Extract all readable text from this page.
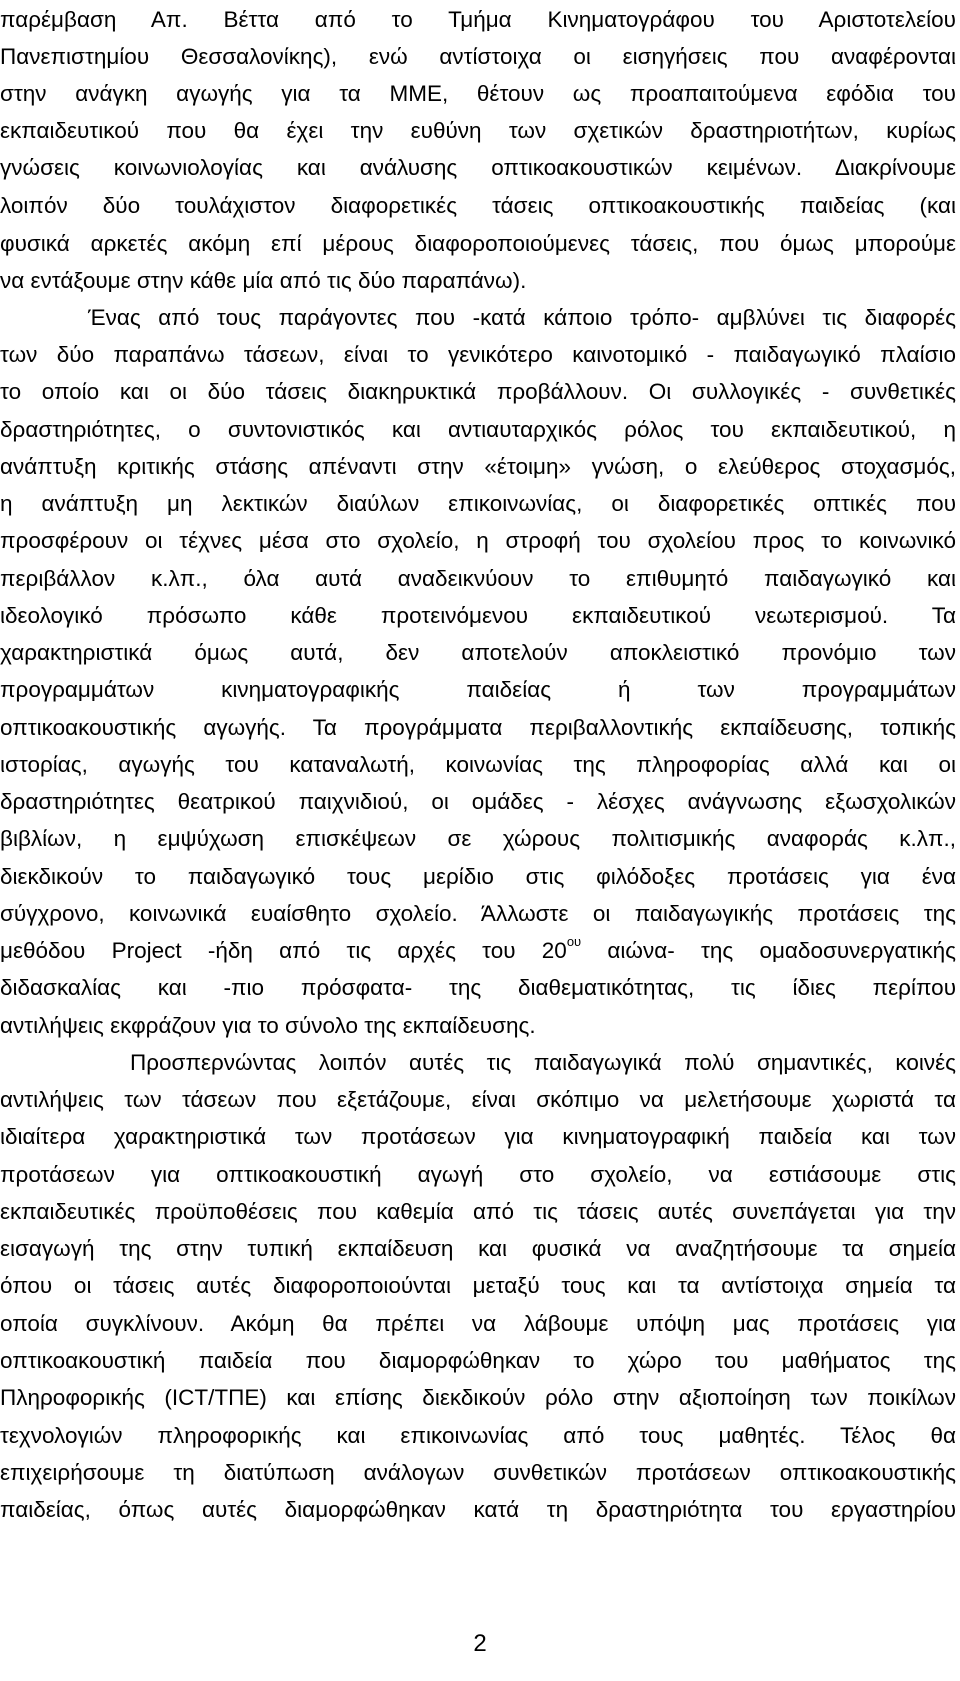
παρέμβαση Απ. Βέττα από το Τμήμα Κινηματογράφου του Αριστοτελείου
Πανεπιστημίου Θεσσαλονίκης), ενώ αντίστοιχα οι εισηγήσεις που αναφέρονται
στην ανάγκη αγωγής για τα ΜΜΕ, θέτουν ως προαπαιτούμενα εφόδια του
εκπαιδευτικού που θα έχει την ευθύνη των σχετικών δραστηριοτήτων, κυρίως
γνώσεις κοινωνιολογίας και ανάλυσης οπτικοακουστικών κειμένων. Διακρίνουμε
λοιπόν δύο τουλάχιστον διαφορετικές τάσεις οπτικοακουστικής παιδείας (και
φυσικά αρκετές ακόμη επί μέρους διαφοροποιούμενες τάσεις, που όμως μπορούμε
να εντάξουμε στην κάθε μία από τις δύο παραπάνω).
Ένας από τους παράγοντες που -κατά κάποιο τρόπο- αμβλύνει τις διαφορές
των δύο παραπάνω τάσεων, είναι το γενικότερο καινοτομικό - παιδαγωγικό πλαίσιο
το οποίο και οι δύο τάσεις διακηρυκτικά προβάλλουν. Οι συλλογικές - συνθετικές
δραστηριότητες, ο συντονιστικός και αντιαυταρχικός ρόλος του εκπαιδευτικού, η
ανάπτυξη κριτικής στάσης απέναντι στην «έτοιμη» γνώση, ο ελεύθερος στοχασμός,
η ανάπτυξη μη λεκτικών διαύλων επικοινωνίας, οι διαφορετικές οπτικές που
προσφέρουν οι τέχνες μέσα στο σχολείο, η στροφή του σχολείου προς το κοινωνικό
περιβάλλον κ.λπ., όλα αυτά αναδεικνύουν το επιθυμητό παιδαγωγικό και
ιδεολογικό πρόσωπο κάθε προτεινόμενου εκπαιδευτικού νεωτερισμού. Τα
χαρακτηριστικά όμως αυτά, δεν αποτελούν αποκλειστικό προνόμιο των
προγραμμάτων κινηματογραφικής παιδείας ή των προγραμμάτων
οπτικοακουστικής αγωγής. Τα προγράμματα περιβαλλοντικής εκπαίδευσης, τοπικής
ιστορίας, αγωγής του καταναλωτή, κοινωνίας της πληροφορίας αλλά και οι
δραστηριότητες θεατρικού παιχνιδιού, οι ομάδες - λέσχες ανάγνωσης εξωσχολικών
βιβλίων, η εμψύχωση επισκέψεων σε χώρους πολιτισμικής αναφοράς κ.λπ.,
διεκδικούν το παιδαγωγικό τους μερίδιο στις φιλόδοξες προτάσεις για ένα
σύγχρονο, κοινωνικά ευαίσθητο σχολείο. Άλλωστε οι παιδαγωγικής προτάσεις της
μεθόδου Project -ήδη από τις αρχές του $20^{o\upsilon}$ αιώνα- της ομαδοσυνεργατικής
διδασκαλίας και -πιο πρόσφατα- της διαθεματικότητας, τις ίδιες περίπου
αντιλήψεις εκφράζουν για το σύνολο της εκπαίδευσης.
Προσπερνώντας λοιπόν αυτές τις παιδαγωγικά πολύ σημαντικές, κοινές
αντιλήψεις των τάσεων που εξετάζουμε, είναι σκόπιμο να μελετήσουμε χωριστά τα
ιδιαίτερα χαρακτηριστικά των προτάσεων για κινηματογραφική παιδεία και των
προτάσεων για οπτικοακουστική αγωγή στο σχολείο, να εστιάσουμε στις
εκπαιδευτικές προϋποθέσεις που καθεμία από τις τάσεις αυτές συνεπάγεται για την
εισαγωγή της στην τυπική εκπαίδευση και φυσικά να αναζητήσουμε τα σημεία
όπου οι τάσεις αυτές διαφοροποιούνται μεταξύ τους και τα αντίστοιχα σημεία τα
οποία συγκλίνουν. Ακόμη θα πρέπει να λάβουμε υπόψη μας προτάσεις για
οπτικοακουστική παιδεία που διαμορφώθηκαν το χώρο του μαθήματος της
Πληροφορικής (ICT/ΤΠΕ) και επίσης διεκδικούν ρόλο στην αξιοποίηση των ποικίλων
τεχνολογιών πληροφορικής και επικοινωνίας από τους μαθητές. Τέλος θα
επιχειρήσουμε τη διατύπωση ανάλογων συνθετικών προτάσεων οπτικοακουστικής
παιδείας, όπως αυτές διαμορφώθηκαν κατά τη δραστηριότητα του εργαστηρίου
2
